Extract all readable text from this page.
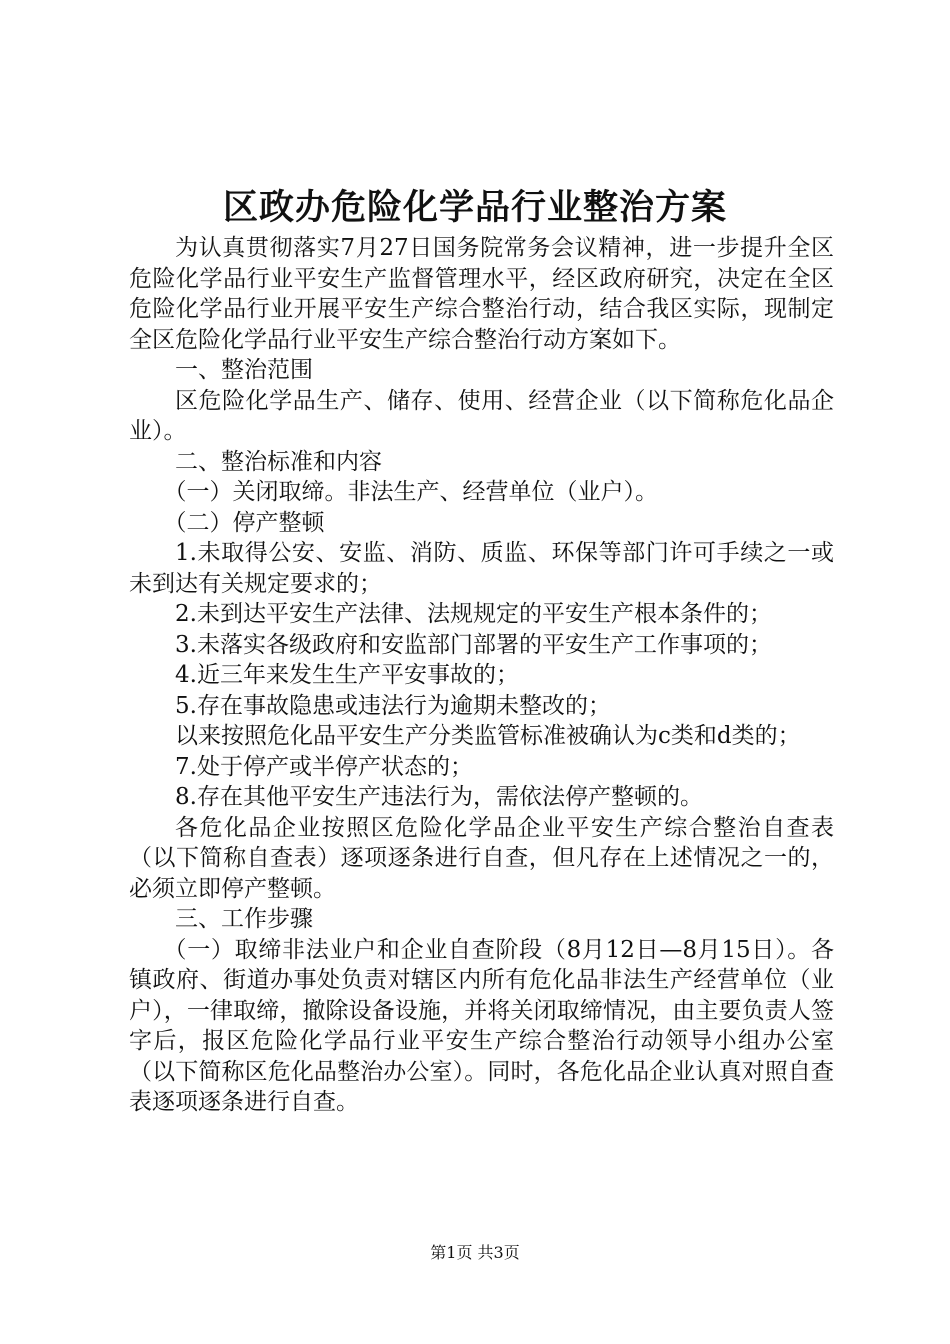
区政办危险化学品行业整治方案

为认真贯彻落实7月27日国务院常务会议精神，进一步提升全区危险化学品行业平安生产监督管理水平，经区政府研究，决定在全区危险化学品行业开展平安生产综合整治行动，结合我区实际，现制定全区危险化学品行业平安生产综合整治行动方案如下。

一、整治范围

区危险化学品生产、储存、使用、经营企业（以下简称危化品企业）。

二、整治标准和内容

（一）关闭取缔。非法生产、经营单位（业户）。

（二）停产整顿

1.未取得公安、安监、消防、质监、环保等部门许可手续之一或未到达有关规定要求的；

2.未到达平安生产法律、法规规定的平安生产根本条件的；

3.未落实各级政府和安监部门部署的平安生产工作事项的；

4.近三年来发生生产平安事故的；

5.存在事故隐患或违法行为逾期未整改的；

以来按照危化品平安生产分类监管标准被确认为c类和d类的；

7.处于停产或半停产状态的；

8.存在其他平安生产违法行为，需依法停产整顿的。

各危化品企业按照区危险化学品企业平安生产综合整治自查表（以下简称自查表）逐项逐条进行自查，但凡存在上述情况之一的，必须立即停产整顿。

三、工作步骤

（一）取缔非法业户和企业自查阶段（8月12日—8月15日）。各镇政府、街道办事处负责对辖区内所有危化品非法生产经营单位（业户），一律取缔，撤除设备设施，并将关闭取缔情况，由主要负责人签字后，报区危险化学品行业平安生产综合整治行动领导小组办公室（以下简称区危化品整治办公室）。同时，各危化品企业认真对照自查表逐项逐条进行自查。

第1页 共3页
